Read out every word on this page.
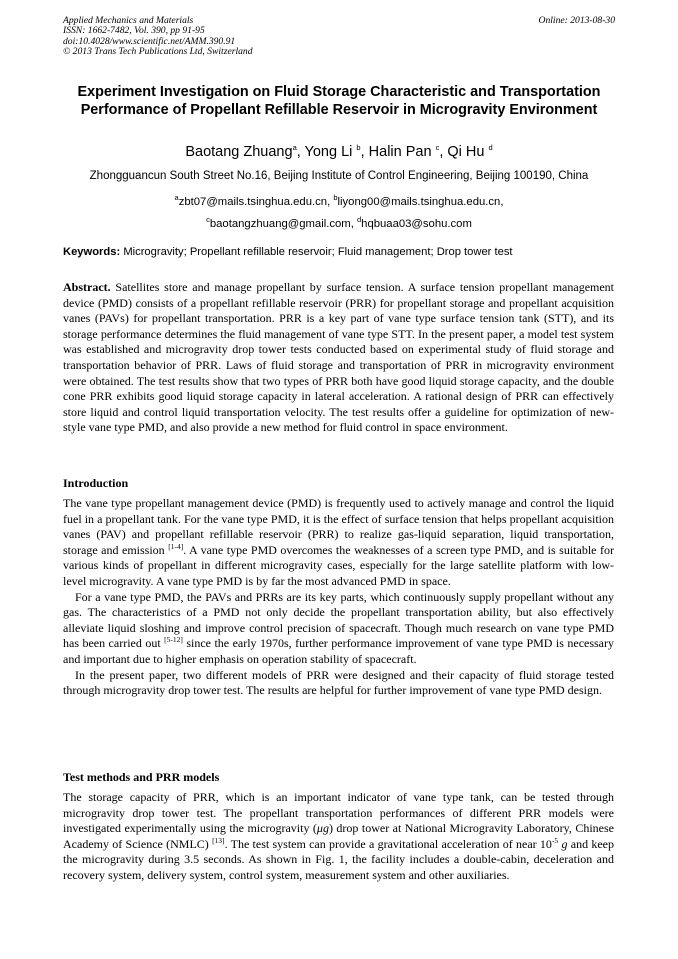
Applied Mechanics and Materials
ISSN: 1662-7482, Vol. 390, pp 91-95
doi:10.4028/www.scientific.net/AMM.390.91
© 2013 Trans Tech Publications Ltd, Switzerland
Online: 2013-08-30
Experiment Investigation on Fluid Storage Characteristic and Transportation Performance of Propellant Refillable Reservoir in Microgravity Environment
Baotang Zhuang$^a$, Yong Li $^b$, Halin Pan $^c$, Qi Hu $^d$
Zhongguancun South Street No.16, Beijing Institute of Control Engineering, Beijing 100190, China
$^a$zbt07@mails.tsinghua.edu.cn, $^b$liyong00@mails.tsinghua.edu.cn,
$^c$baotangzhuang@gmail.com, $^d$hqbuaa03@sohu.com
Keywords: Microgravity; Propellant refillable reservoir; Fluid management; Drop tower test

Abstract. Satellites store and manage propellant by surface tension. A surface tension propellant management device (PMD) consists of a propellant refillable reservoir (PRR) for propellant storage and propellant acquisition vanes (PAVs) for propellant transportation. PRR is a key part of vane type surface tension tank (STT), and its storage performance determines the fluid management of vane type STT. In the present paper, a model test system was established and microgravity drop tower tests conducted based on experimental study of fluid storage and transportation behavior of PRR. Laws of fluid storage and transportation of PRR in microgravity environment were obtained. The test results show that two types of PRR both have good liquid storage capacity, and the double cone PRR exhibits good liquid storage capacity in lateral acceleration. A rational design of PRR can effectively store liquid and control liquid transportation velocity. The test results offer a guideline for optimization of new-style vane type PMD, and also provide a new method for fluid control in space environment.

Introduction

The vane type propellant management device (PMD) is frequently used to actively manage and control the liquid fuel in a propellant tank. For the vane type PMD, it is the effect of surface tension that helps propellant acquisition vanes (PAV) and propellant refillable reservoir (PRR) to realize gas-liquid separation, liquid transportation, storage and emission [1-4]. A vane type PMD overcomes the weaknesses of a screen type PMD, and is suitable for various kinds of propellant in different microgravity cases, especially for the large satellite platform with low-level microgravity. A vane type PMD is by far the most advanced PMD in space.

For a vane type PMD, the PAVs and PRRs are its key parts, which continuously supply propellant without any gas. The characteristics of a PMD not only decide the propellant transportation ability, but also effectively alleviate liquid sloshing and improve control precision of spacecraft. Though much research on vane type PMD has been carried out [5-12] since the early 1970s, further performance improvement of vane type PMD is necessary and important due to higher emphasis on operation stability of spacecraft.

In the present paper, two different models of PRR were designed and their capacity of fluid storage tested through microgravity drop tower test. The results are helpful for further improvement of vane type PMD design.

Test methods and PRR models

The storage capacity of PRR, which is an important indicator of vane type tank, can be tested through microgravity drop tower test. The propellant transportation performances of different PRR models were investigated experimentally using the microgravity (μg) drop tower at National Microgravity Laboratory, Chinese Academy of Science (NMLC) [13]. The test system can provide a gravitational acceleration of near $10^{-5}$ g and keep the microgravity during 3.5 seconds. As shown in Fig. 1, the facility includes a double-cabin, deceleration and recovery system, delivery system, control system, measurement system and other auxiliaries.
